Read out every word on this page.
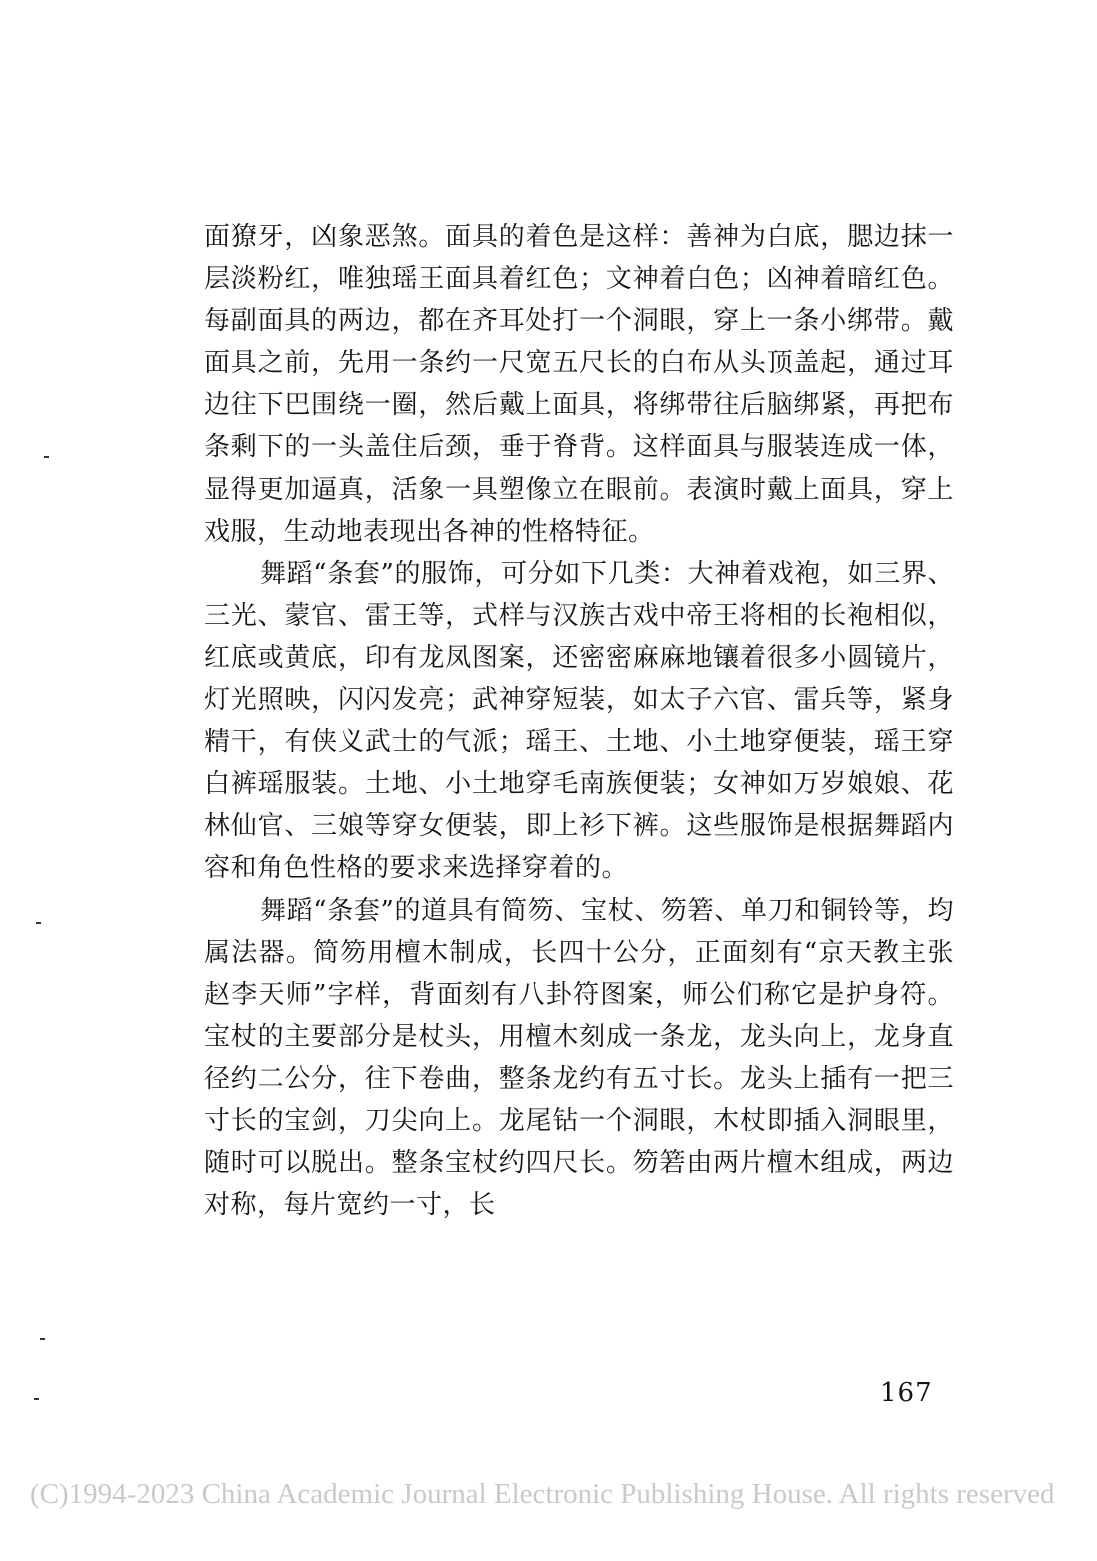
面獠牙，凶象恶煞。面具的着色是这样：善神为白底，腮边抹一层淡粉红，唯独瑶王面具着红色；文神着白色；凶神着暗红色。每副面具的两边，都在齐耳处打一个洞眼，穿上一条小绑带。戴面具之前，先用一条约一尺宽五尺长的白布从头顶盖起，通过耳边往下巴围绕一圈，然后戴上面具，将绑带往后脑绑紧，再把布条剩下的一头盖住后颈，垂于脊背。这样面具与服装连成一体，显得更加逼真，活象一具塑像立在眼前。表演时戴上面具，穿上戏服，生动地表现出各神的性格特征。

舞蹈“条套”的服饰，可分如下几类：大神着戏袍，如三界、三光、蒙官、雷王等，式样与汉族古戏中帝王将相的长袍相似，红底或黄底，印有龙凤图案，还密密麻麻地镶着很多小圆镜片，灯光照映，闪闪发亮；武神穿短装，如太子六官、雷兵等，紧身精干，有侠义武士的气派；瑶王、土地、小土地穿便装，瑶王穿白裤瑶服装。土地、小土地穿毛南族便装；女神如万岁娘娘、花林仙官、三娘等穿女便装，即上衫下裤。这些服饰是根据舞蹈内容和角色性格的要求来选择穿着的。

舞蹈“条套”的道具有简笏、宝杖、笏箬、单刀和铜铃等，均属法器。简笏用檀木制成，长四十公分，正面刻有“京天教主张赵李天师”字样，背面刻有八卦符图案，师公们称它是护身符。宝杖的主要部分是杖头，用檀木刻成一条龙，龙头向上，龙身直径约二公分，往下卷曲，整条龙约有五寸长。龙头上插有一把三寸长的宝剑，刀尖向上。龙尾钻一个洞眼，木杖即插入洞眼里，随时可以脱出。整条宝杖约四尺长。笏箬由两片檀木组成，两边对称，每片宽约一寸，长

167
(C)1994-2023 China Academic Journal Electronic Publishing House. All rights reserved
